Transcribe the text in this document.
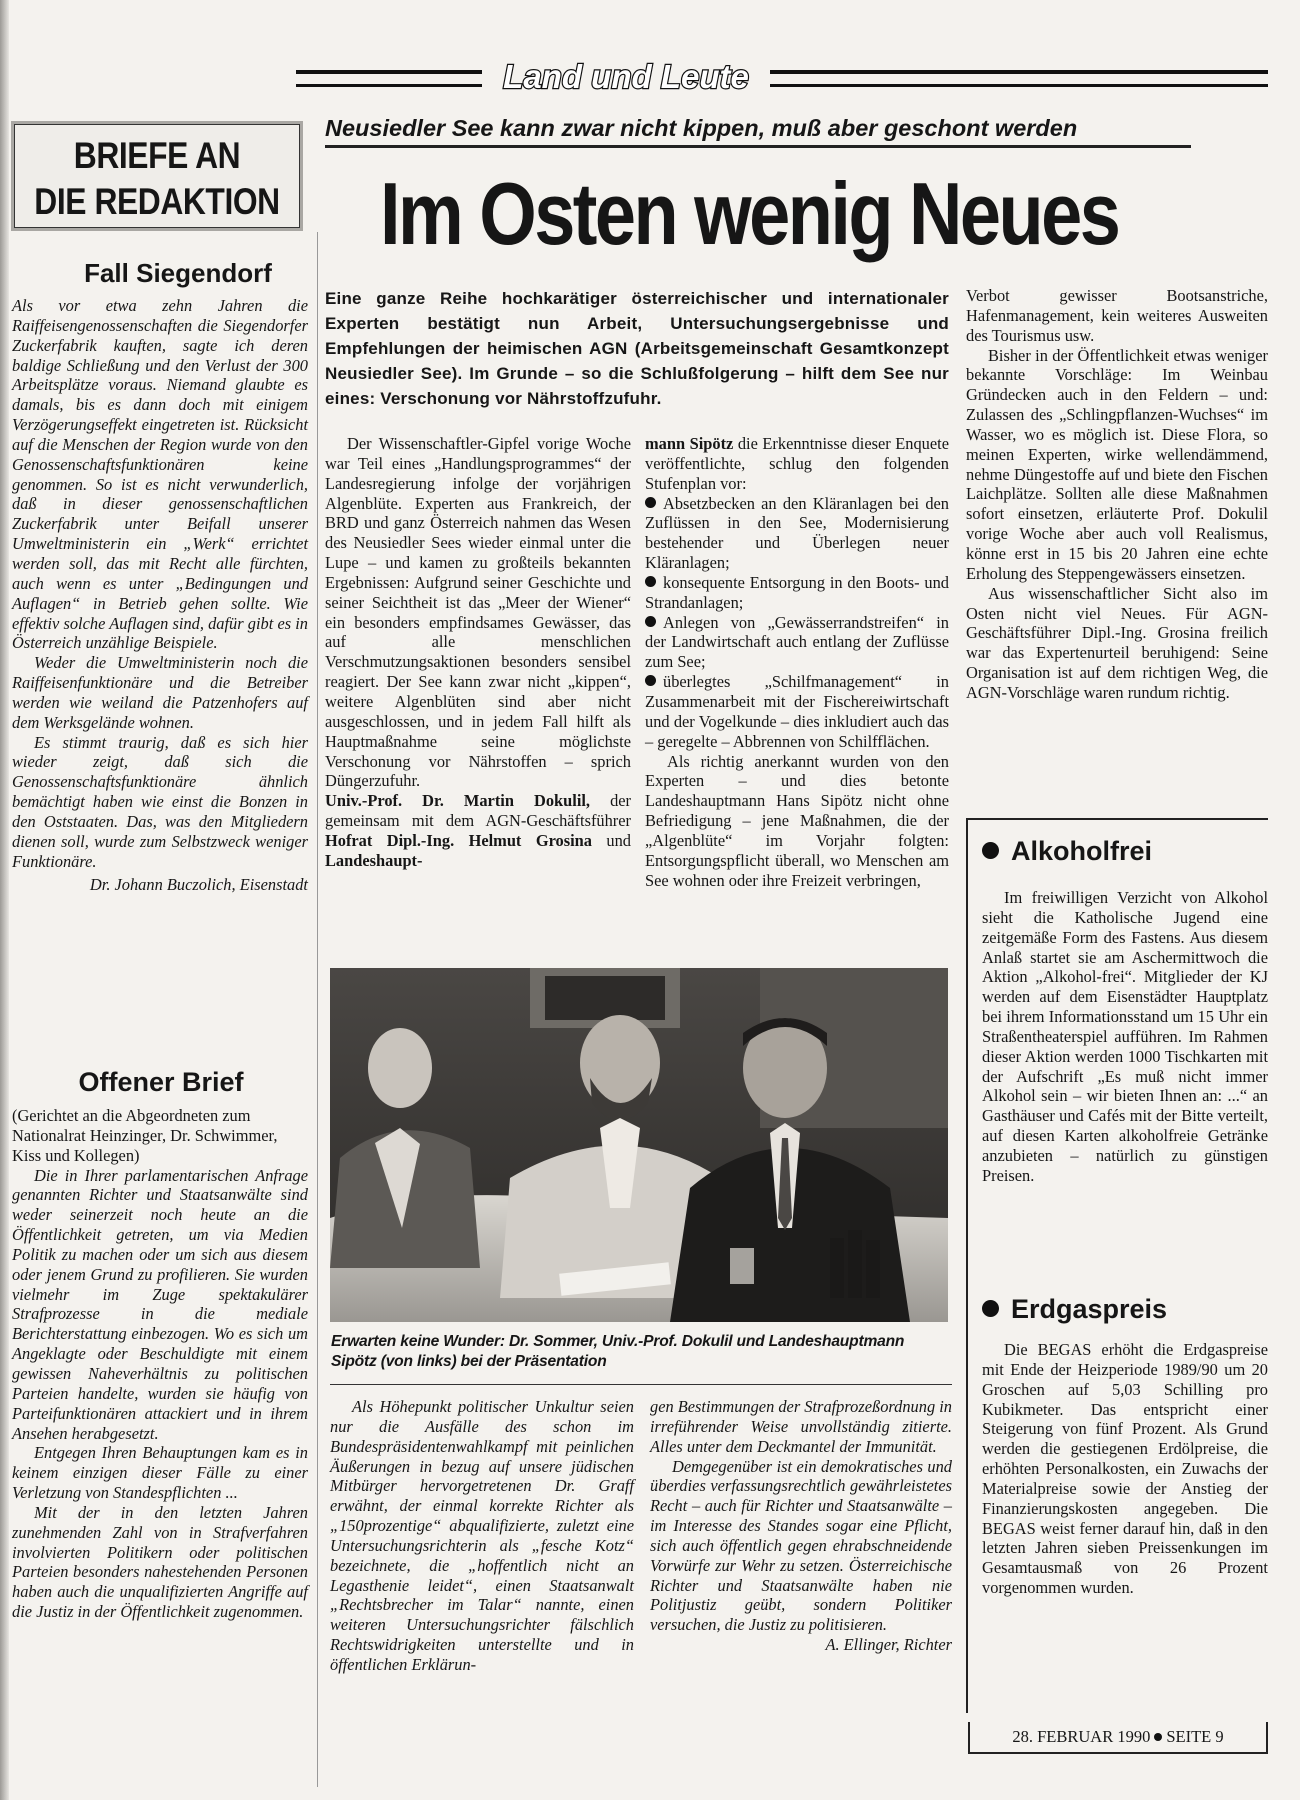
Land und Leute
BRIEFE AN
DIE REDAKTION
Fall Siegendorf

Als vor etwa zehn Jahren die Raiffeisengenossenschaften die Siegendorfer Zuckerfabrik kauften, sagte ich deren baldige Schließung und den Verlust der 300 Arbeitsplätze voraus. Niemand glaubte es damals, bis es dann doch mit einigem Verzögerungseffekt eingetreten ist. Rücksicht auf die Menschen der Region wurde von den Genossenschaftsfunktionären keine genommen. So ist es nicht verwunderlich, daß in dieser genossenschaftlichen Zuckerfabrik unter Beifall unserer Umweltministerin ein „Werk“ errichtet werden soll, das mit Recht alle fürchten, auch wenn es unter „Bedingungen und Auflagen“ in Betrieb gehen sollte. Wie effektiv solche Auflagen sind, dafür gibt es in Österreich unzählige Beispiele.

Weder die Umweltministerin noch die Raiffeisenfunktionäre und die Betreiber werden wie weiland die Patzenhofers auf dem Werksgelände wohnen.

Es stimmt traurig, daß es sich hier wieder zeigt, daß sich die Genossenschaftsfunktionäre ähnlich bemächtigt haben wie einst die Bonzen in den Oststaaten. Das, was den Mitgliedern dienen soll, wurde zum Selbstzweck weniger Funktionäre.

Dr. Johann Buczolich, Eisenstadt

Offener Brief

(Gerichtet an die Abgeordneten zum Nationalrat Heinzinger, Dr. Schwimmer, Kiss und Kollegen)

Die in Ihrer parlamentarischen Anfrage genannten Richter und Staatsanwälte sind weder seinerzeit noch heute an die Öffentlichkeit getreten, um via Medien Politik zu machen oder um sich aus diesem oder jenem Grund zu profilieren. Sie wurden vielmehr im Zuge spektakulärer Strafprozesse in die mediale Berichterstattung einbezogen. Wo es sich um Angeklagte oder Beschuldigte mit einem gewissen Naheverhältnis zu politischen Parteien handelte, wurden sie häufig von Parteifunktionären attackiert und in ihrem Ansehen herabgesetzt.

Entgegen Ihren Behauptungen kam es in keinem einzigen dieser Fälle zu einer Verletzung von Standespflichten ...

Mit der in den letzten Jahren zunehmenden Zahl von in Strafverfahren involvierten Politikern oder politischen Parteien besonders nahestehenden Personen haben auch die unqualifizierten Angriffe auf die Justiz in der Öffentlichkeit zugenommen.

Neusiedler See kann zwar nicht kippen, muß aber geschont werden
Im Osten wenig Neues
Eine ganze Reihe hochkarätiger österreichischer und internationaler Experten bestätigt nun Arbeit, Untersuchungsergebnisse und Empfehlungen der heimischen AGN (Arbeitsgemeinschaft Gesamtkonzept Neusiedler See). Im Grunde – so die Schlußfolgerung – hilft dem See nur eines: Verschonung vor Nährstoffzufuhr.

Der Wissenschaftler-Gipfel vorige Woche war Teil eines „Handlungsprogrammes“ der Landesregierung infolge der vorjährigen Algenblüte. Experten aus Frankreich, der BRD und ganz Österreich nahmen das Wesen des Neusiedler Sees wieder einmal unter die Lupe – und kamen zu großteils bekannten Ergebnissen: Aufgrund seiner Geschichte und seiner Seichtheit ist das „Meer der Wiener“ ein besonders empfindsames Gewässer, das auf alle menschlichen Verschmutzungsaktionen besonders sensibel reagiert. Der See kann zwar nicht „kippen“, weitere Algenblüten sind aber nicht ausgeschlossen, und in jedem Fall hilft als Hauptmaßnahme seine möglichste Verschonung vor Nährstoffen – sprich Düngerzufuhr.

Univ.-Prof. Dr. Martin Dokulil, der gemeinsam mit dem AGN-Geschäftsführer Hofrat Dipl.-Ing. Helmut Grosina und Landeshaupt-

mann Sipötz die Erkenntnisse dieser Enquete veröffentlichte, schlug den folgenden Stufenplan vor:

Absetzbecken an den Kläranlagen bei den Zuflüssen in den See, Modernisierung bestehender und Überlegen neuer Kläranlagen;

konsequente Entsorgung in den Boots- und Strandanlagen;

Anlegen von „Gewässerrandstreifen“ in der Landwirtschaft auch entlang der Zuflüsse zum See;

überlegtes „Schilfmanagement“ in Zusammenarbeit mit der Fischereiwirtschaft und der Vogelkunde – dies inkludiert auch das – geregelte – Abbrennen von Schilfflächen.

Als richtig anerkannt wurden von den Experten – und dies betonte Landeshauptmann Hans Sipötz nicht ohne Befriedigung – jene Maßnahmen, die der „Algenblüte“ im Vorjahr folgten: Entsorgungspflicht überall, wo Menschen am See wohnen oder ihre Freizeit verbringen,

Verbot gewisser Bootsanstriche, Hafenmanagement, kein weiteres Ausweiten des Tourismus usw.

Bisher in der Öffentlichkeit etwas weniger bekannte Vorschläge: Im Weinbau Gründecken auch in den Feldern – und: Zulassen des „Schlingpflanzen-Wuchses“ im Wasser, wo es möglich ist. Diese Flora, so meinen Experten, wirke wellendämmend, nehme Düngestoffe auf und biete den Fischen Laichplätze. Sollten alle diese Maßnahmen sofort einsetzen, erläuterte Prof. Dokulil vorige Woche aber auch voll Realismus, könne erst in 15 bis 20 Jahren eine echte Erholung des Steppengewässers einsetzen.

Aus wissenschaftlicher Sicht also im Osten nicht viel Neues. Für AGN-Geschäftsführer Dipl.-Ing. Grosina freilich war das Expertenurteil beruhigend: Seine Organisation ist auf dem richtigen Weg, die AGN-Vorschläge waren rundum richtig.

Erwarten keine Wunder: Dr. Sommer, Univ.-Prof. Dokulil und Landeshauptmann Sipötz (von links) bei der Präsentation

Als Höhepunkt politischer Unkultur seien nur die Ausfälle des schon im Bundespräsidentenwahlkampf mit peinlichen Äußerungen in bezug auf unsere jüdischen Mitbürger hervorgetretenen Dr. Graff erwähnt, der einmal korrekte Richter als „150prozentige“ abqualifizierte, zuletzt eine Untersuchungsrichterin als „fesche Kotz“ bezeichnete, die „hoffentlich nicht an Legasthenie leidet“, einen Staatsanwalt „Rechtsbrecher im Talar“ nannte, einen weiteren Untersuchungsrichter fälschlich Rechtswidrigkeiten unterstellte und in öffentlichen Erklärun-

gen Bestimmungen der Strafprozeßordnung in irreführender Weise unvollständig zitierte. Alles unter dem Deckmantel der Immunität.

Demgegenüber ist ein demokratisches und überdies verfassungsrechtlich gewährleistetes Recht – auch für Richter und Staatsanwälte – im Interesse des Standes sogar eine Pflicht, sich auch öffentlich gegen ehrabschneidende Vorwürfe zur Wehr zu setzen. Österreichische Richter und Staatsanwälte haben nie Politjustiz geübt, sondern Politiker versuchen, die Justiz zu politisieren.

A. Ellinger, Richter

Alkoholfrei

Im freiwilligen Verzicht von Alkohol sieht die Katholische Jugend eine zeitgemäße Form des Fastens. Aus diesem Anlaß startet sie am Aschermittwoch die Aktion „Alkohol-frei“. Mitglieder der KJ werden auf dem Eisenstädter Hauptplatz bei ihrem Informationsstand um 15 Uhr ein Straßentheaterspiel aufführen. Im Rahmen dieser Aktion werden 1000 Tischkarten mit der Aufschrift „Es muß nicht immer Alkohol sein – wir bieten Ihnen an: ...“ an Gasthäuser und Cafés mit der Bitte verteilt, auf diesen Karten alkoholfreie Getränke anzubieten – natürlich zu günstigen Preisen.

Erdgaspreis

Die BEGAS erhöht die Erdgaspreise mit Ende der Heizperiode 1989/90 um 20 Groschen auf 5,03 Schilling pro Kubikmeter. Das entspricht einer Steigerung von fünf Prozent. Als Grund werden die gestiegenen Erdölpreise, die erhöhten Personalkosten, ein Zuwachs der Materialpreise sowie der Anstieg der Finanzierungskosten angegeben. Die BEGAS weist ferner darauf hin, daß in den letzten Jahren sieben Preissenkungen im Gesamtausmaß von 26 Prozent vorgenommen wurden.

28. FEBRUAR 1990 SEITE 9
